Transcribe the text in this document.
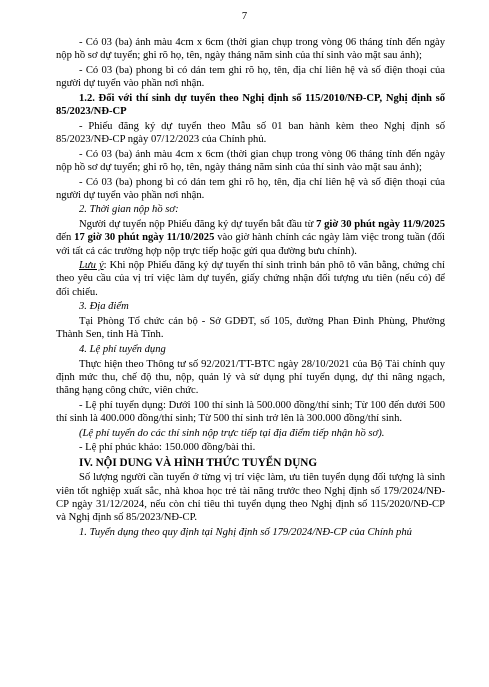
7

- Có 03 (ba) ảnh màu 4cm x 6cm (thời gian chụp trong vòng 06 tháng tính đến ngày nộp hồ sơ dự tuyển; ghi rõ họ, tên, ngày tháng năm sinh của thí sinh vào mặt sau ảnh);

- Có 03 (ba) phong bì có dán tem ghi rõ họ, tên, địa chỉ liên hệ và số điện thoại của người dự tuyển vào phần nơi nhận.

1.2. Đối với thí sinh dự tuyển theo Nghị định số 115/2010/NĐ-CP, Nghị định số 85/2023/NĐ-CP

- Phiếu đăng ký dự tuyển theo Mẫu số 01 ban hành kèm theo Nghị định số 85/2023/NĐ-CP ngày 07/12/2023 của Chính phủ.

- Có 03 (ba) ảnh màu 4cm x 6cm (thời gian chụp trong vòng 06 tháng tính đến ngày nộp hồ sơ dự tuyển; ghi rõ họ, tên, ngày tháng năm sinh của thí sinh vào mặt sau ảnh);

- Có 03 (ba) phong bì có dán tem ghi rõ họ, tên, địa chỉ liên hệ và số điện thoại của người dự tuyển vào phần nơi nhận.

2. Thời gian nộp hồ sơ:

Người dự tuyển nộp Phiếu đăng ký dự tuyển bắt đầu từ 7 giờ 30 phút ngày 11/9/2025 đến 17 giờ 30 phút ngày 11/10/2025 vào giờ hành chính các ngày làm việc trong tuần (đối với tất cả các trường hợp nộp trực tiếp hoặc gửi qua đường bưu chính).

Lưu ý: Khi nộp Phiếu đăng ký dự tuyển thí sinh trình bản phô tô văn bằng, chứng chỉ theo yêu cầu của vị trí việc làm dự tuyển, giấy chứng nhận đối tượng ưu tiên (nếu có) để đối chiếu.

3. Địa điểm

Tại Phòng Tổ chức cán bộ - Sở GDĐT, số 105, đường Phan Đình Phùng, Phường Thành Sen, tỉnh Hà Tĩnh.

4. Lệ phí tuyển dụng

Thực hiện theo Thông tư số 92/2021/TT-BTC ngày 28/10/2021 của Bộ Tài chính quy định mức thu, chế độ thu, nộp, quản lý và sử dụng phí tuyển dụng, dự thi nâng ngạch, thăng hạng công chức, viên chức.

- Lệ phí tuyển dụng: Dưới 100 thí sinh là 500.000 đồng/thí sinh; Từ 100 đến dưới 500 thí sinh là 400.000 đồng/thí sinh; Từ 500 thí sinh trở lên là 300.000 đồng/thí sinh.

(Lệ phí tuyển do các thí sinh nộp trực tiếp tại địa điểm tiếp nhận hồ sơ).

- Lệ phí phúc khảo: 150.000 đồng/bài thi.

IV. NỘI DUNG VÀ HÌNH THỨC TUYỂN DỤNG

Số lượng người cần tuyển ở từng vị trí việc làm, ưu tiên tuyển dụng đối tượng là sinh viên tốt nghiệp xuất sắc, nhà khoa học trẻ tài năng trước theo Nghị định số 179/2024/NĐ-CP ngày 31/12/2024, nếu còn chỉ tiêu thì tuyển dụng theo Nghị định số 115/2020/NĐ-CP và Nghị định số 85/2023/NĐ-CP.

1. Tuyển dụng theo quy định tại Nghị định số 179/2024/NĐ-CP của Chính phủ
